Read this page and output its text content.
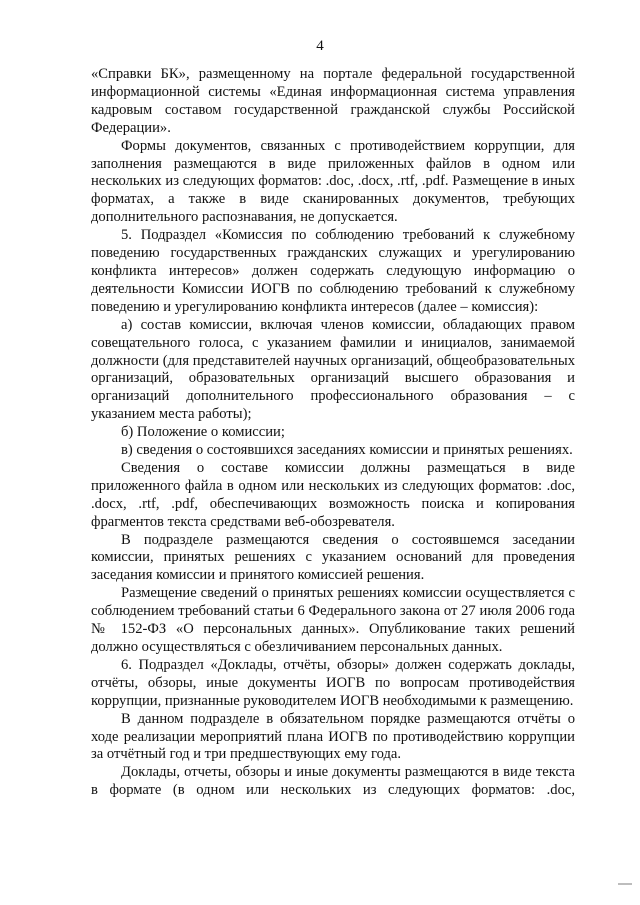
4

«Справки БК», размещенному на портале федеральной государственной информационной системы «Единая информационная система управления кадровым составом государственной гражданской службы Российской Федерации».

Формы документов, связанных с противодействием коррупции, для заполнения размещаются в виде приложенных файлов в одном или нескольких из следующих форматов: .doc, .docx, .rtf, .pdf. Размещение в иных форматах, а также в виде сканированных документов, требующих дополнительного распознавания, не допускается.

5. Подраздел «Комиссия по соблюдению требований к служебному поведению государственных гражданских служащих и урегулированию конфликта интересов» должен содержать следующую информацию о деятельности Комиссии ИОГВ по соблюдению требований к служебному поведению и урегулированию конфликта интересов (далее – комиссия):

а) состав комиссии, включая членов комиссии, обладающих правом совещательного голоса, с указанием фамилии и инициалов, занимаемой должности (для представителей научных организаций, общеобразовательных организаций, образовательных организаций высшего образования и организаций дополнительного профессионального образования – с указанием места работы);

б) Положение о комиссии;

в) сведения о состоявшихся заседаниях комиссии и принятых решениях.

Сведения о составе комиссии должны размещаться в виде приложенного файла в одном или нескольких из следующих форматов: .doc, .docx, .rtf, .pdf, обеспечивающих возможность поиска и копирования фрагментов текста средствами веб-обозревателя.

В подразделе размещаются сведения о состоявшемся заседании комиссии, принятых решениях с указанием оснований для проведения заседания комиссии и принятого комиссией решения.

Размещение сведений о принятых решениях комиссии осуществляется с соблюдением требований статьи 6 Федерального закона от 27 июля 2006 года № 152-ФЗ «О персональных данных». Опубликование таких решений должно осуществляться с обезличиванием персональных данных.

6. Подраздел «Доклады, отчёты, обзоры» должен содержать доклады, отчёты, обзоры, иные документы ИОГВ по вопросам противодействия коррупции, признанные руководителем ИОГВ необходимыми к размещению.

В данном подразделе в обязательном порядке размещаются отчёты о ходе реализации мероприятий плана ИОГВ по противодействию коррупции за отчётный год и три предшествующих ему года.

Доклады, отчеты, обзоры и иные документы размещаются в виде текста в формате (в одном или нескольких из следующих форматов: .doc,
